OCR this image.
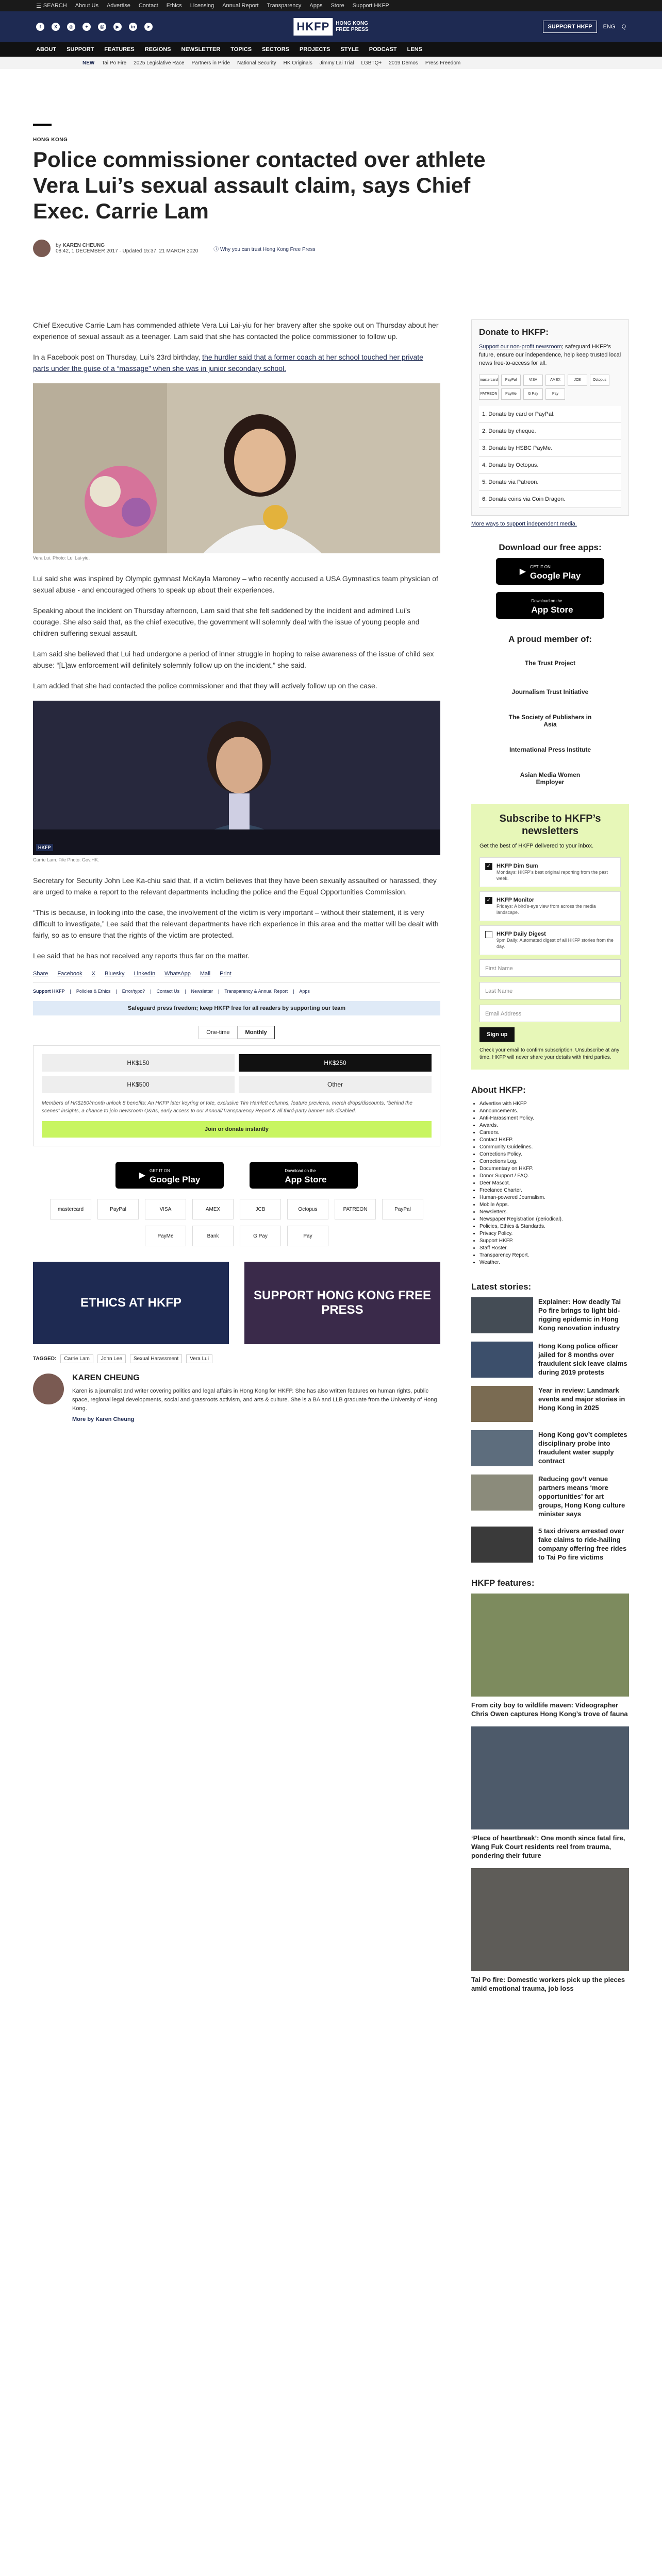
☰ SEARCH About Us Advertise Contact Ethics Licensing Annual Report Transparency Apps Store Support HKFP
f	X	◎	✦	@	▶	in	➤	HKFP	HONG KONG
FREE PRESS	SUPPORT HKFP	ENG Q
ABOUT SUPPORT FEATURES REGIONS NEWSLETTER TOPICS SECTORS PROJECTS STYLE PODCAST LENS
NEW Tai Po Fire 2025 Legislative Race Partners in Pride National Security HK Originals Jimmy Lai Trial LGBTQ+ 2019 Demos Press Freedom
HONG KONG
Police commissioner contacted over athlete Vera Lui’s sexual assault claim, says Chief Exec. Carrie Lam
by KAREN CHEUNG
08:42, 1 DECEMBER 2017 · Updated 15:37, 21 MARCH 2020	ⓘ Why you can trust Hong Kong Free Press

Chief Executive Carrie Lam has commended athlete Vera Lui Lai-yiu for her bravery after she spoke out on Thursday about her experience of sexual assault as a teenager. Lam said that she has contacted the police commissioner to follow up.

In a Facebook post on Thursday, Lui’s 23rd birthday, the hurdler said that a former coach at her school touched her private parts under the guise of a “massage” when she was in junior secondary school.

Vera Lui. Photo: Lui Lai-yiu.

Lui said she was inspired by Olympic gymnast McKayla Maroney – who recently accused a USA Gymnastics team physician of sexual abuse - and encouraged others to speak up about their experiences.

Speaking about the incident on Thursday afternoon, Lam said that she felt saddened by the incident and admired Lui’s courage. She also said that, as the chief executive, the government will solemnly deal with the issue of young people and children suffering sexual assault.

Lam said she believed that Lui had undergone a period of inner struggle in hoping to raise awareness of the issue of child sex abuse: “[L]aw enforcement will definitely solemnly follow up on the incident,” she said.

Lam added that she had contacted the police commissioner and that they will actively follow up on the case.

HKFP
Carrie Lam. File Photo: Gov.HK.

Secretary for Security John Lee Ka-chiu said that, if a victim believes that they have been sexually assaulted or harassed, they are urged to make a report to the relevant departments including the police and the Equal Opportunities Commission.

“This is because, in looking into the case, the involvement of the victim is very important – without their statement, it is very difficult to investigate,” Lee said that the relevant departments have rich experience in this area and the matter will be dealt with fairly, so as to ensure that the rights of the victim are protected.

Lee said that he has not received any reports thus far on the matter.

Share Facebook X Bluesky LinkedIn WhatsApp Mail Print
Support HKFP | Policies & Ethics | Error/typo? | Contact Us | Newsletter | Transparency & Annual Report | Apps
Safeguard press freedom; keep HKFP free for all readers by supporting our team
One-time	Monthly
HK$150	HK$250
HK$500	Other
Members of HK$150/month unlock 8 benefits: An HKFP later keyring or tote, exclusive Tim Hamlett columns, feature previews, merch drops/discounts, “behind the scenes” insights, a chance to join newsroom Q&As, early access to our Annual/Transparency Report & all third-party banner ads disabled.
Join or donate instantly
▶
GET IT ON
Google Play
Download on the
App Store
mastercard	PayPal	VISA	AMEX	JCB	Octopus	PATREON	PayPal
PayMe	Bank	G Pay	Pay
ETHICS AT HKFP
SUPPORT HONG KONG FREE PRESS
TAGGED:	Carrie Lam	John Lee	Sexual Harassment	Vera Lui
KAREN CHEUNG
Karen is a journalist and writer covering politics and legal affairs in Hong Kong for HKFP. She has also written features on human rights, public space, regional legal developments, social and grassroots activism, and arts & culture. She is a BA and LLB graduate from the University of Hong Kong.
More by Karen Cheung
Donate to HKFP:
Support our non-profit newsroom; safeguard HKFP’s future, ensure our independence, help keep trusted local news free-to-access for all.
mastercard	PayPal	VISA	AMEX	JCB	Octopus
PATREON	PayMe	G Pay	Pay
1. Donate by card or PayPal.
2. Donate by cheque.
3. Donate by HSBC PayMe.
4. Donate by Octopus.
5. Donate via Patreon.
6. Donate coins via Coin Dragon.
More ways to support independent media.
Download our free apps:
▶
GET IT ON
Google Play
Download on the
App Store
A proud member of:
The Trust Project
Journalism Trust Initiative
The Society of Publishers in Asia
International Press Institute
Asian Media Women Employer
Subscribe to HKFP’s newsletters
Get the best of HKFP delivered to your inbox.
✓ HKFP Dim Sum
Mondays: HKFP’s best original reporting from the past week.
✓ HKFP Monitor
Fridays: A bird's-eye view from across the media landscape.
HKFP Daily Digest
9pm Daily: Automated digest of all HKFP stories from the day.
First Name
Last Name
Email Address
Sign up
Check your email to confirm subscription. Unsubscribe at any time. HKFP will never share your details with third parties.
About HKFP:
• Advertise with HKFP
• Announcements.
• Anti-Harassment Policy.
• Awards.
• Careers.
• Contact HKFP.
• Community Guidelines.
• Corrections Policy.
• Corrections Log.
• Documentary on HKFP.
• Donor Support / FAQ.
• Deer Mascot.
• Freelance Charter.
• Human-powered Journalism.
• Mobile Apps.
• Newsletters.
• Newspaper Registration (periodical).
• Policies, Ethics & Standards.
• Privacy Policy.
• Support HKFP.
• Staff Roster.
• Transparency Report.
• Weather.
Latest stories:
Explainer: How deadly Tai Po fire brings to light bid-rigging epidemic in Hong Kong renovation industry
Hong Kong police officer jailed for 8 months over fraudulent sick leave claims during 2019 protests
Year in review: Landmark events and major stories in Hong Kong in 2025
Hong Kong gov’t completes disciplinary probe into fraudulent water supply contract
Reducing gov’t venue partners means ‘more opportunities’ for art groups, Hong Kong culture minister says
5 taxi drivers arrested over fake claims to ride-hailing company offering free rides to Tai Po fire victims
HKFP features:
From city boy to wildlife maven: Videographer Chris Owen captures Hong Kong’s trove of fauna
‘Place of heartbreak’: One month since fatal fire, Wang Fuk Court residents reel from trauma, pondering their future
Tai Po fire: Domestic workers pick up the pieces amid emotional trauma, job loss
